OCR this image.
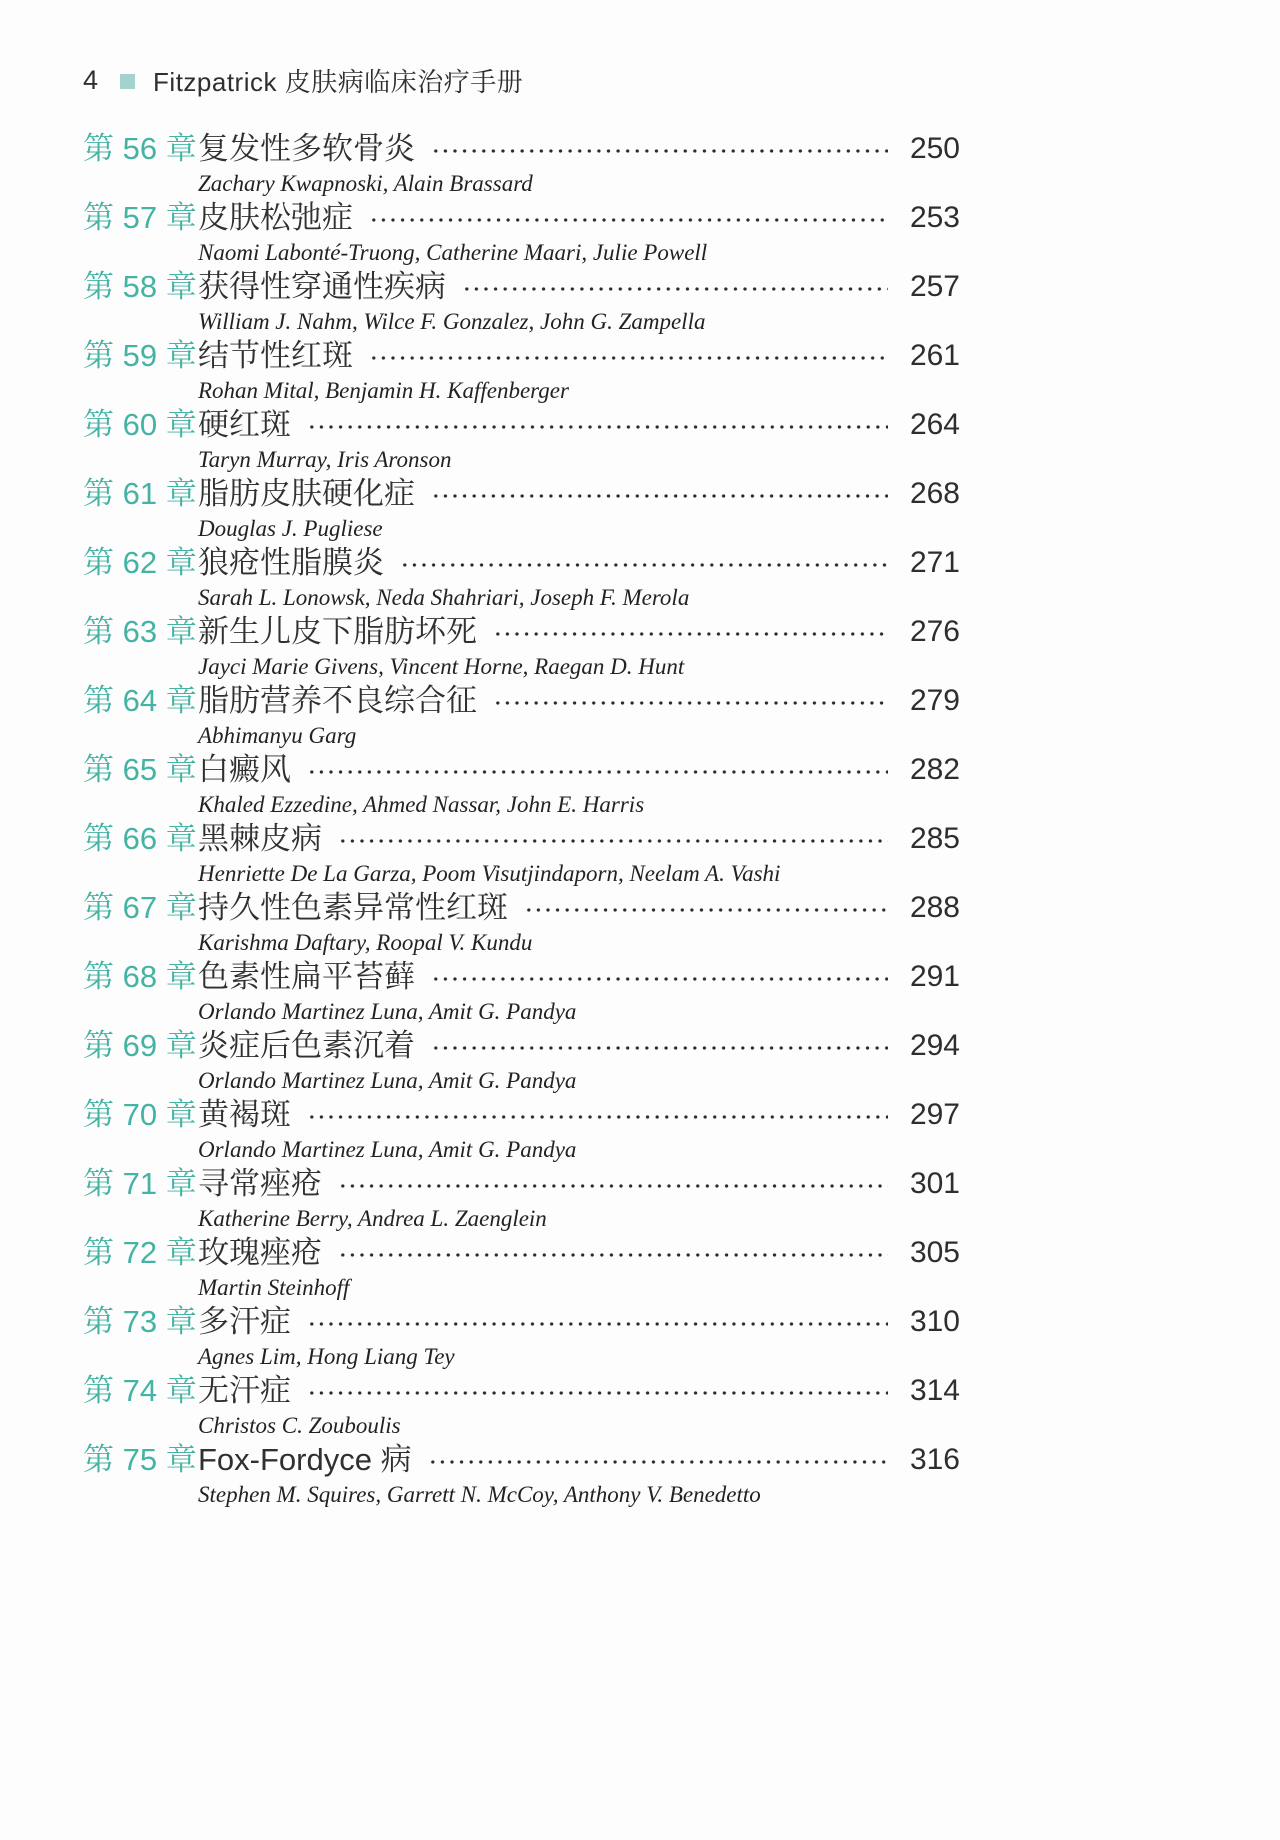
4 Fitzpatrick 皮肤病临床治疗手册
第 56 章 复发性多软骨炎	250
Zachary Kwapnoski, Alain Brassard
第 57 章 皮肤松弛症	253
Naomi Labonté-Truong, Catherine Maari, Julie Powell
第 58 章 获得性穿通性疾病	257
William J. Nahm, Wilce F. Gonzalez, John G. Zampella
第 59 章 结节性红斑	261
Rohan Mital, Benjamin H. Kaffenberger
第 60 章 硬红斑	264
Taryn Murray, Iris Aronson
第 61 章 脂肪皮肤硬化症	268
Douglas J. Pugliese
第 62 章 狼疮性脂膜炎	271
Sarah L. Lonowsk, Neda Shahriari, Joseph F. Merola
第 63 章 新生儿皮下脂肪坏死	276
Jayci Marie Givens, Vincent Horne, Raegan D. Hunt
第 64 章 脂肪营养不良综合征	279
Abhimanyu Garg
第 65 章 白癜风	282
Khaled Ezzedine, Ahmed Nassar, John E. Harris
第 66 章 黑棘皮病	285
Henriette De La Garza, Poom Visutjindaporn, Neelam A. Vashi
第 67 章 持久性色素异常性红斑	288
Karishma Daftary, Roopal V. Kundu
第 68 章 色素性扁平苔藓	291
Orlando Martinez Luna, Amit G. Pandya
第 69 章 炎症后色素沉着	294
Orlando Martinez Luna, Amit G. Pandya
第 70 章 黄褐斑	297
Orlando Martinez Luna, Amit G. Pandya
第 71 章 寻常痤疮	301
Katherine Berry, Andrea L. Zaenglein
第 72 章 玫瑰痤疮	305
Martin Steinhoff
第 73 章 多汗症	310
Agnes Lim, Hong Liang Tey
第 74 章 无汗症	314
Christos C. Zouboulis
第 75 章 Fox-Fordyce 病	316
Stephen M. Squires, Garrett N. McCoy, Anthony V. Benedetto
